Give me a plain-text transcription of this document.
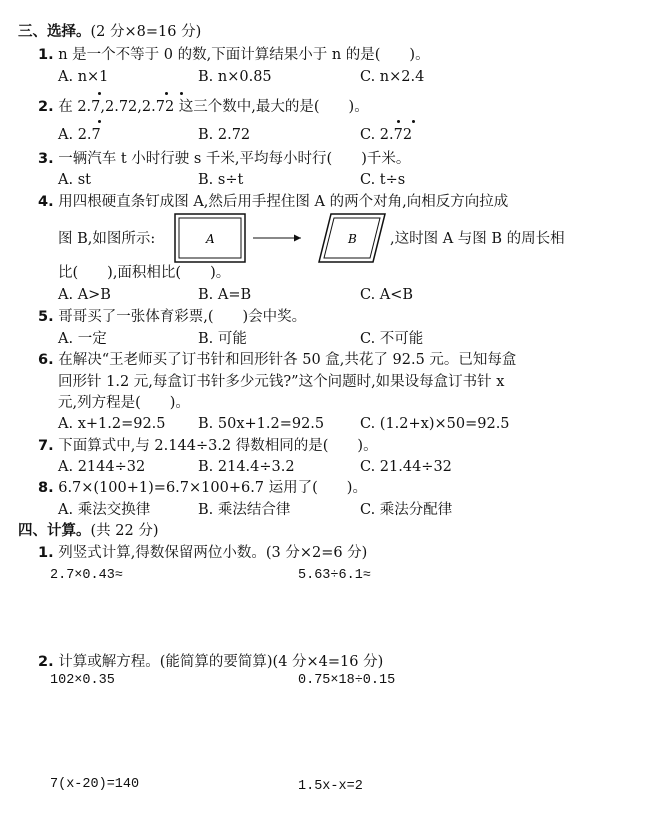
三、选择。(2 分×8=16 分)
1. n 是一个不等于 0 的数,下面计算结果小于 n 的是(　　)。
A. n×1	B. n×0.85	C. n×2.4
2. 在 2.7,2.72,2.72 这三个数中,最大的是(　　)。
A. 2.7	B. 2.72	C. 2.72
3. 一辆汽车 t 小时行驶 s 千米,平均每小时行(　　)千米。
A. st	B. s÷t	C. t÷s
4. 用四根硬直条钉成图 A,然后用手捏住图 A 的两个对角,向相反方向拉成
图 B,如图所示:	A	B ,这时图 A 与图 B 的周长相
比(　　),面积相比(　　)。
A. A>B	B. A=B	C. A<B
5. 哥哥买了一张体育彩票,(　　)会中奖。
A. 一定	B. 可能	C. 不可能
6. 在解决“王老师买了订书针和回形针各 50 盒,共花了 92.5 元。已知每盒
回形针 1.2 元,每盒订书针多少元钱?”这个问题时,如果设每盒订书针 x
元,列方程是(　　)。
A. x+1.2=92.5 B. 50x+1.2=92.5 C. (1.2+x)×50=92.5
7. 下面算式中,与 2.144÷3.2 得数相同的是(　　)。
A. 2144÷32	B. 214.4÷3.2	C. 21.44÷32
8. 6.7×(100+1)=6.7×100+6.7 运用了(　　)。
A. 乘法交换律	B. 乘法结合律	C. 乘法分配律
四、计算。(共 22 分)
1. 列竖式计算,得数保留两位小数。(3 分×2=6 分)
2.7×0.43≈	5.63÷6.1≈
2. 计算或解方程。(能简算的要简算)(4 分×4=16 分)
102×0.35	0.75×18÷0.15
7(x-20)=140	1.5x-x=2
